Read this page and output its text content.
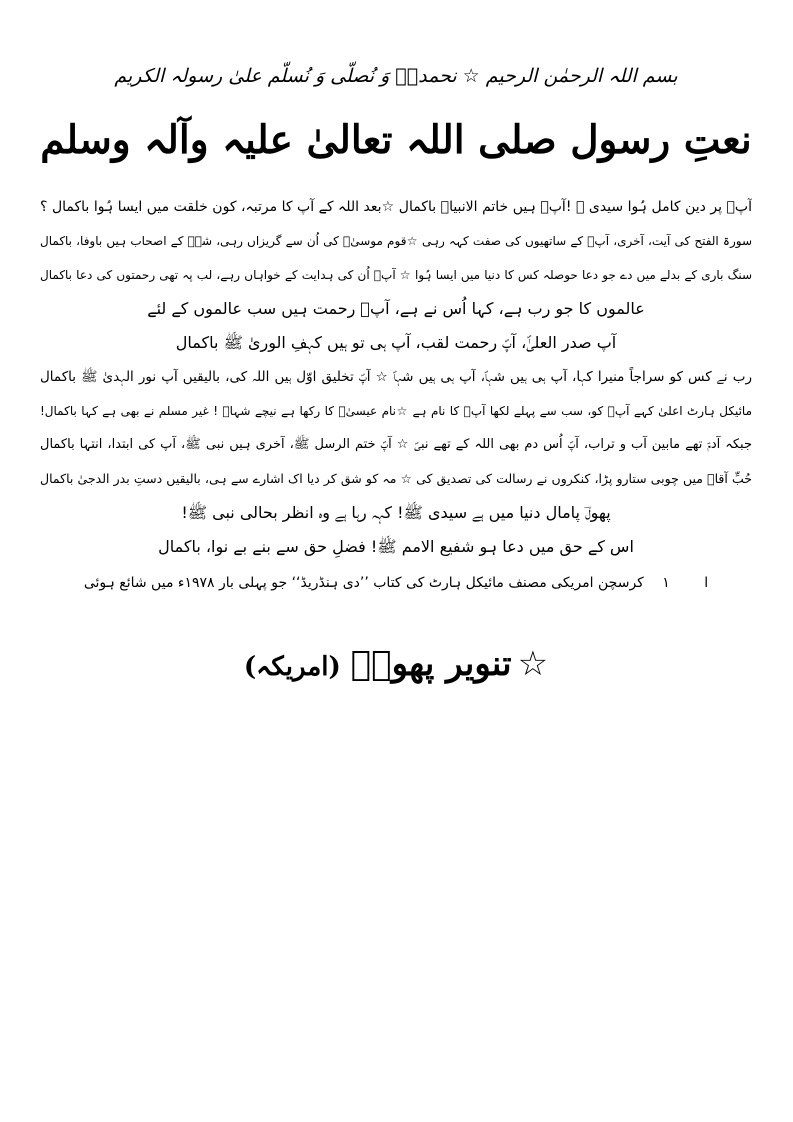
بسم اللہ الرحمٰن الرحیم ☆ نحمدہٗ وَ نُصلّی وَ نُسلّم علیٰ رسولہ الکریم
نعتِ رسول صلی اللہ تعالیٰ علیہ وآلہ وسلم
آپؐ پر دین کامل ہُوا سیدی ﷺ !آپؐ ہیں خاتم الانبیاؑ باکمال ☆بعد اللہ کے آپ کا مرتبہ، کون خلقت میں ایسا ہُوا باکمال ؟
سورۃ الفتح کی آیت، آخری، آپؐ کے ساتھیوں کی صفت کہہ رہی ☆قوم موسیٰؑ کی اُن سے گریزاں رہی، شہؐ کے اصحاب ہیں باوفا، باکمال
سنگ باری کے بدلے میں دے جو دعا حوصلہ کس کا دنیا میں ایسا ہُوا ☆ آپؐ اُن کی ہدایت کے خواہاں رہے، لب پہ تھی رحمتوں کی دعا باکمال
عالموں کا جو رب ہے، کہا اُس نے ہے، آپؐ رحمت ہیں سب عالموں کے لئے
آپ صدر العلیٰؐ، آپؐ رحمت لقب، آپ ہی تو ہیں کہفِ الوریٰ ﷺ باکمال
رب نے کس کو سراجاً منیرا کہا، آپ ہی ہیں شہاؐ، آپ ہی ہیں شہاؐ ☆ آپؐ تخلیق اوّل ہیں اللہ کی، بالیقیں آپ نور الہدیٰ ﷺ باکمال
مائیکل ہارٹ اعلیٰ کہے آپؐ کو، سب سے پہلے لکھا آپؐ کا نام ہے ☆نام عیسیٰؑ کا رکھا ہے نیچے شہاؐ ! غیر مسلم نے بھی ہے کہا باکمال!
جبکہ آدمؑ تھے مابین آب و تراب، آپؐ اُس دم بھی اللہ کے تھے نبیؐ ☆ آپؐ ختم الرسل ﷺ، آخری ہیں نبی ﷺ، آپ کی ابتدا، انتہا باکمال
حُبِّ آقاؐ میں چوبی ستارو پڑا، کنکروں نے رسالت کی تصدیق کی ☆ مہ کو شق کر دیا اک اشارے سے ہی، بالیقیں دستِ بدر الدجیٰ باکمال
پھولؔ پامال دنیا میں ہے سیدی ﷺ! کہہ رہا ہے وہ انظر بحالی نبی ﷺ!
اس کے حق میں دعا ہو شفیع الامم ﷺ! فضلِ حق سے بنے بے نوا، باکمال
ا ۱ کرسچن امریکی مصنف مائیکل ہارٹ کی کتاب ’’دی ہنڈریڈ‘‘ جو پہلی بار ۱۹۷۸ء میں شائع ہوئی
☆تنویر پھولؔ(امریکہ)
